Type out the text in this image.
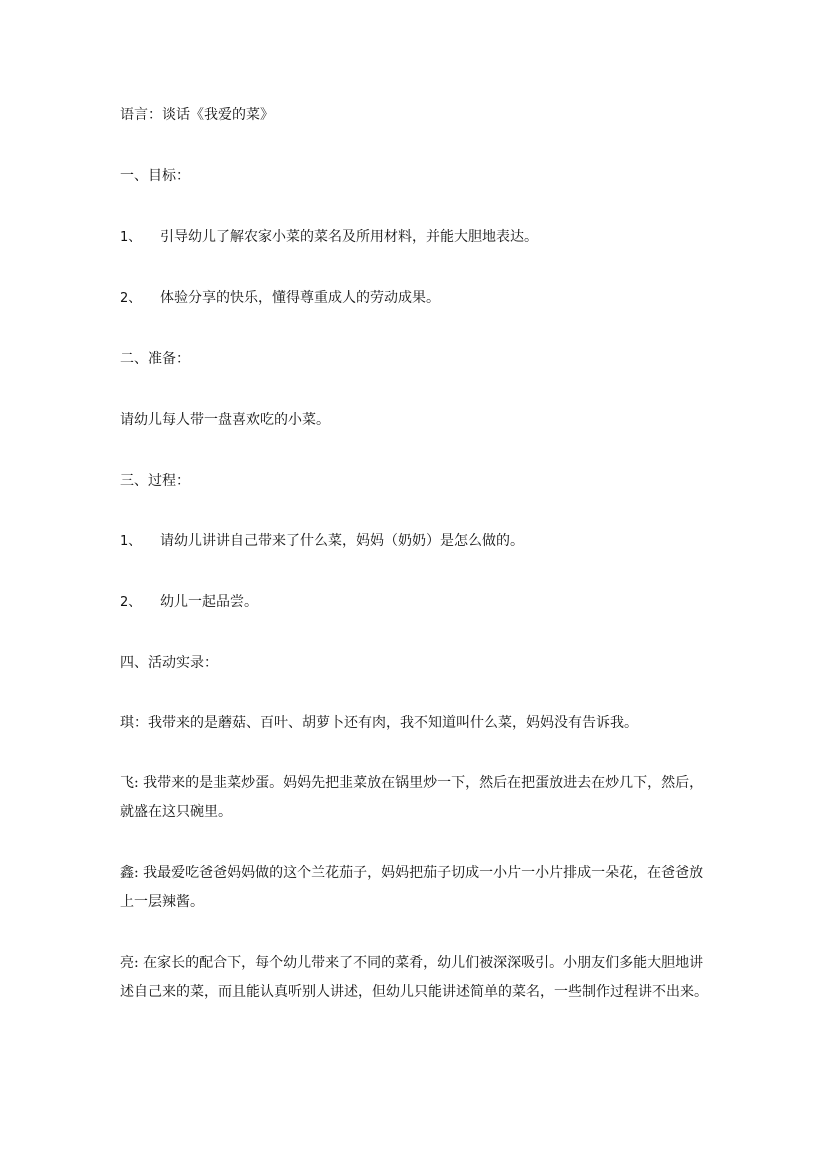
语言：谈话《我爱的菜》
一、目标：
1、 引导幼儿了解农家小菜的菜名及所用材料，并能大胆地表达。
2、 体验分享的快乐，懂得尊重成人的劳动成果。
二、准备：
请幼儿每人带一盘喜欢吃的小菜。
三、过程：
1、 请幼儿讲讲自己带来了什么菜，妈妈（奶奶）是怎么做的。
2、 幼儿一起品尝。
四、活动实录：
琪：我带来的是蘑菇、百叶、胡萝卜还有肉，我不知道叫什么菜，妈妈没有告诉我。
飞: 我带来的是韭菜炒蛋。妈妈先把韭菜放在锅里炒一下，然后在把蛋放进去在炒几下，然后，就盛在这只碗里。
鑫: 我最爱吃爸爸妈妈做的这个兰花茄子，妈妈把茄子切成一小片一小片排成一朵花，在爸爸放上一层辣酱。
亮: 在家长的配合下，每个幼儿带来了不同的菜肴，幼儿们被深深吸引。小朋友们多能大胆地讲述自己来的菜，而且能认真听别人讲述，但幼儿只能讲述简单的菜名，一些制作过程讲不出来。
